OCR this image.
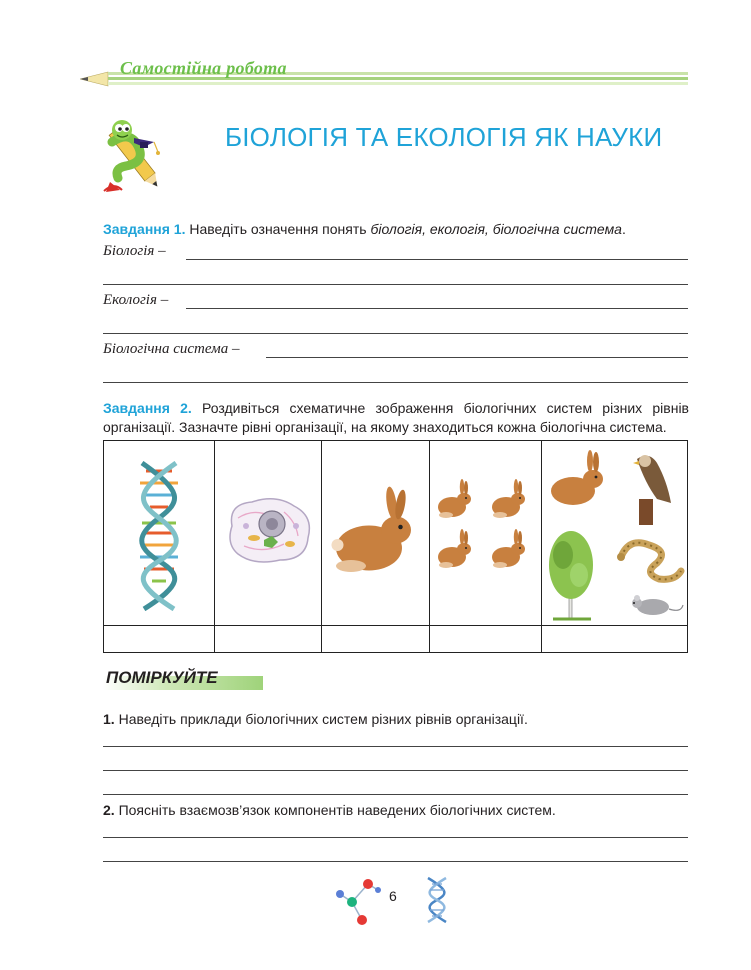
Самостійна робота
БІОЛОГІЯ ТА ЕКОЛОГІЯ ЯК НАУКИ
Завдання 1. Наведіть означення понять біологія, екологія, біологічна система.
Біологія –
Екологія –
Біологічна система –
Завдання 2. Роздивіться схематичне зображення біологічних систем різних рівнів організації. Зазначте рівні організації, на якому знаходиться кожна біологічна система.
ПОМІРКУЙТЕ
1. Наведіть приклади біологічних систем різних рівнів організації.
2. Поясніть взаємозв’язок компонентів наведених біологічних систем.
6
